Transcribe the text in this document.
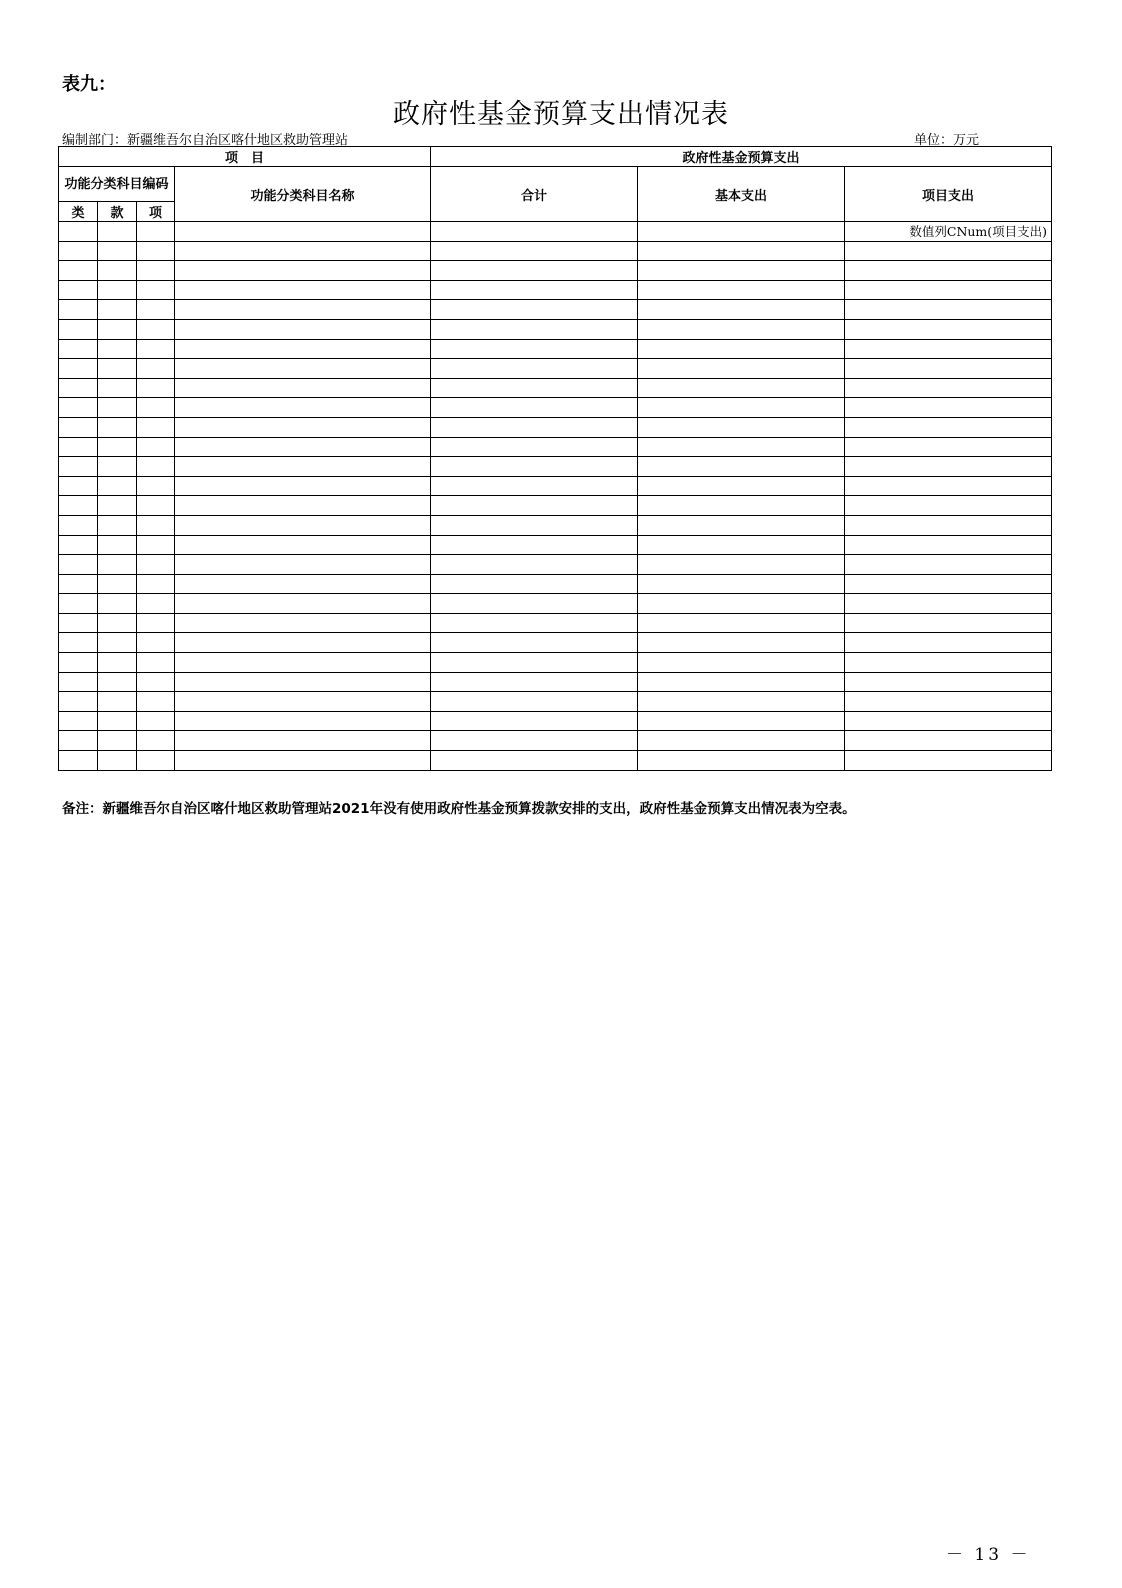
表九：
政府性基金预算支出情况表
编制部门：新疆维吾尔自治区喀什地区救助管理站	单位：万元
项　目				政府性基金预算支出		
功能分类科目编码			功能分类科目名称	合计	基本支出	项目支出
类	款	项				
						数值列CNum(项目支出)

备注：新疆维吾尔自治区喀什地区救助管理站2021年没有使用政府性基金预算拨款安排的支出，政府性基金预算支出情况表为空表。
－ 13 －
